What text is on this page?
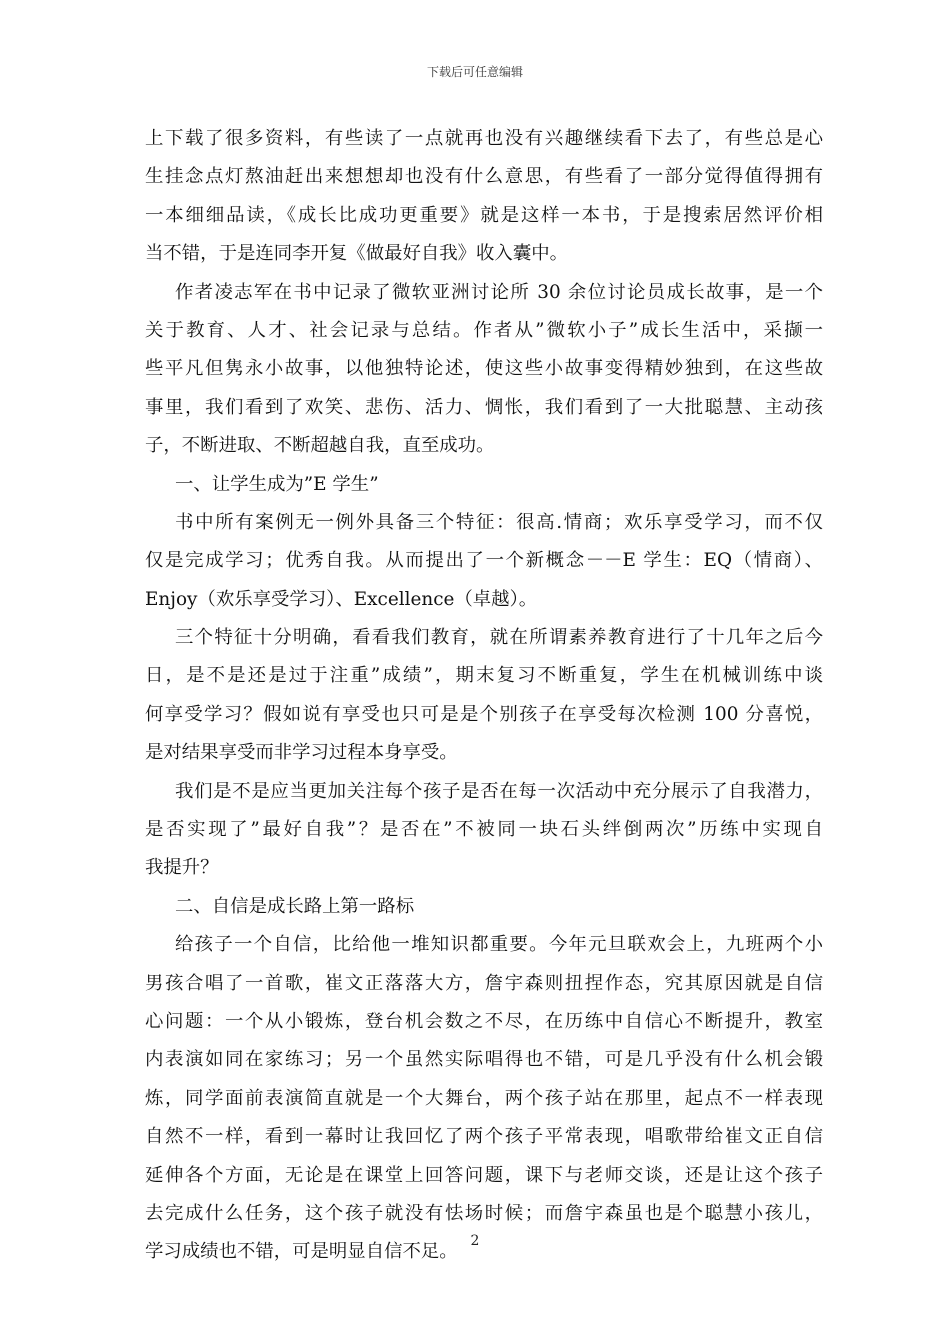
下载后可任意编辑
上下载了很多资料，有些读了一点就再也没有兴趣继续看下去了，有些总是心
生挂念点灯熬油赶出来想想却也没有什么意思，有些看了一部分觉得值得拥有
一本细细品读，《成长比成功更重要》就是这样一本书，于是搜索居然评价相
当不错，于是连同李开复《做最好自我》收入囊中。
作者凌志军在书中记录了微软亚洲讨论所 30 余位讨论员成长故事，是一个
关于教育、人才、社会记录与总结。作者从”微软小子”成长生活中，采撷一
些平凡但隽永小故事，以他独特论述，使这些小故事变得精妙独到，在这些故
事里，我们看到了欢笑、悲伤、活力、惆怅，我们看到了一大批聪慧、主动孩
子，不断进取、不断超越自我，直至成功。
一、让学生成为”E 学生”
书中所有案例无一例外具备三个特征：很高.情商；欢乐享受学习，而不仅
仅是完成学习；优秀自我。从而提出了一个新概念－－E 学生：EQ（情商）、
Enjoy（欢乐享受学习）、Excellence（卓越）。
三个特征十分明确，看看我们教育，就在所谓素养教育进行了十几年之后今
日，是不是还是过于注重”成绩”，期末复习不断重复，学生在机械训练中谈
何享受学习？假如说有享受也只可是是个别孩子在享受每次检测 100 分喜悦，
是对结果享受而非学习过程本身享受。
我们是不是应当更加关注每个孩子是否在每一次活动中充分展示了自我潜力，
是否实现了”最好自我”？是否在”不被同一块石头绊倒两次”历练中实现自
我提升？
二、自信是成长路上第一路标
给孩子一个自信，比给他一堆知识都重要。今年元旦联欢会上，九班两个小
男孩合唱了一首歌，崔文正落落大方，詹宇森则扭捏作态，究其原因就是自信
心问题：一个从小锻炼，登台机会数之不尽，在历练中自信心不断提升，教室
内表演如同在家练习；另一个虽然实际唱得也不错，可是几乎没有什么机会锻
炼，同学面前表演简直就是一个大舞台，两个孩子站在那里，起点不一样表现
自然不一样，看到一幕时让我回忆了两个孩子平常表现，唱歌带给崔文正自信
延伸各个方面，无论是在课堂上回答问题，课下与老师交谈，还是让这个孩子
去完成什么任务，这个孩子就没有怯场时候；而詹宇森虽也是个聪慧小孩儿，
学习成绩也不错，可是明显自信不足。
2
